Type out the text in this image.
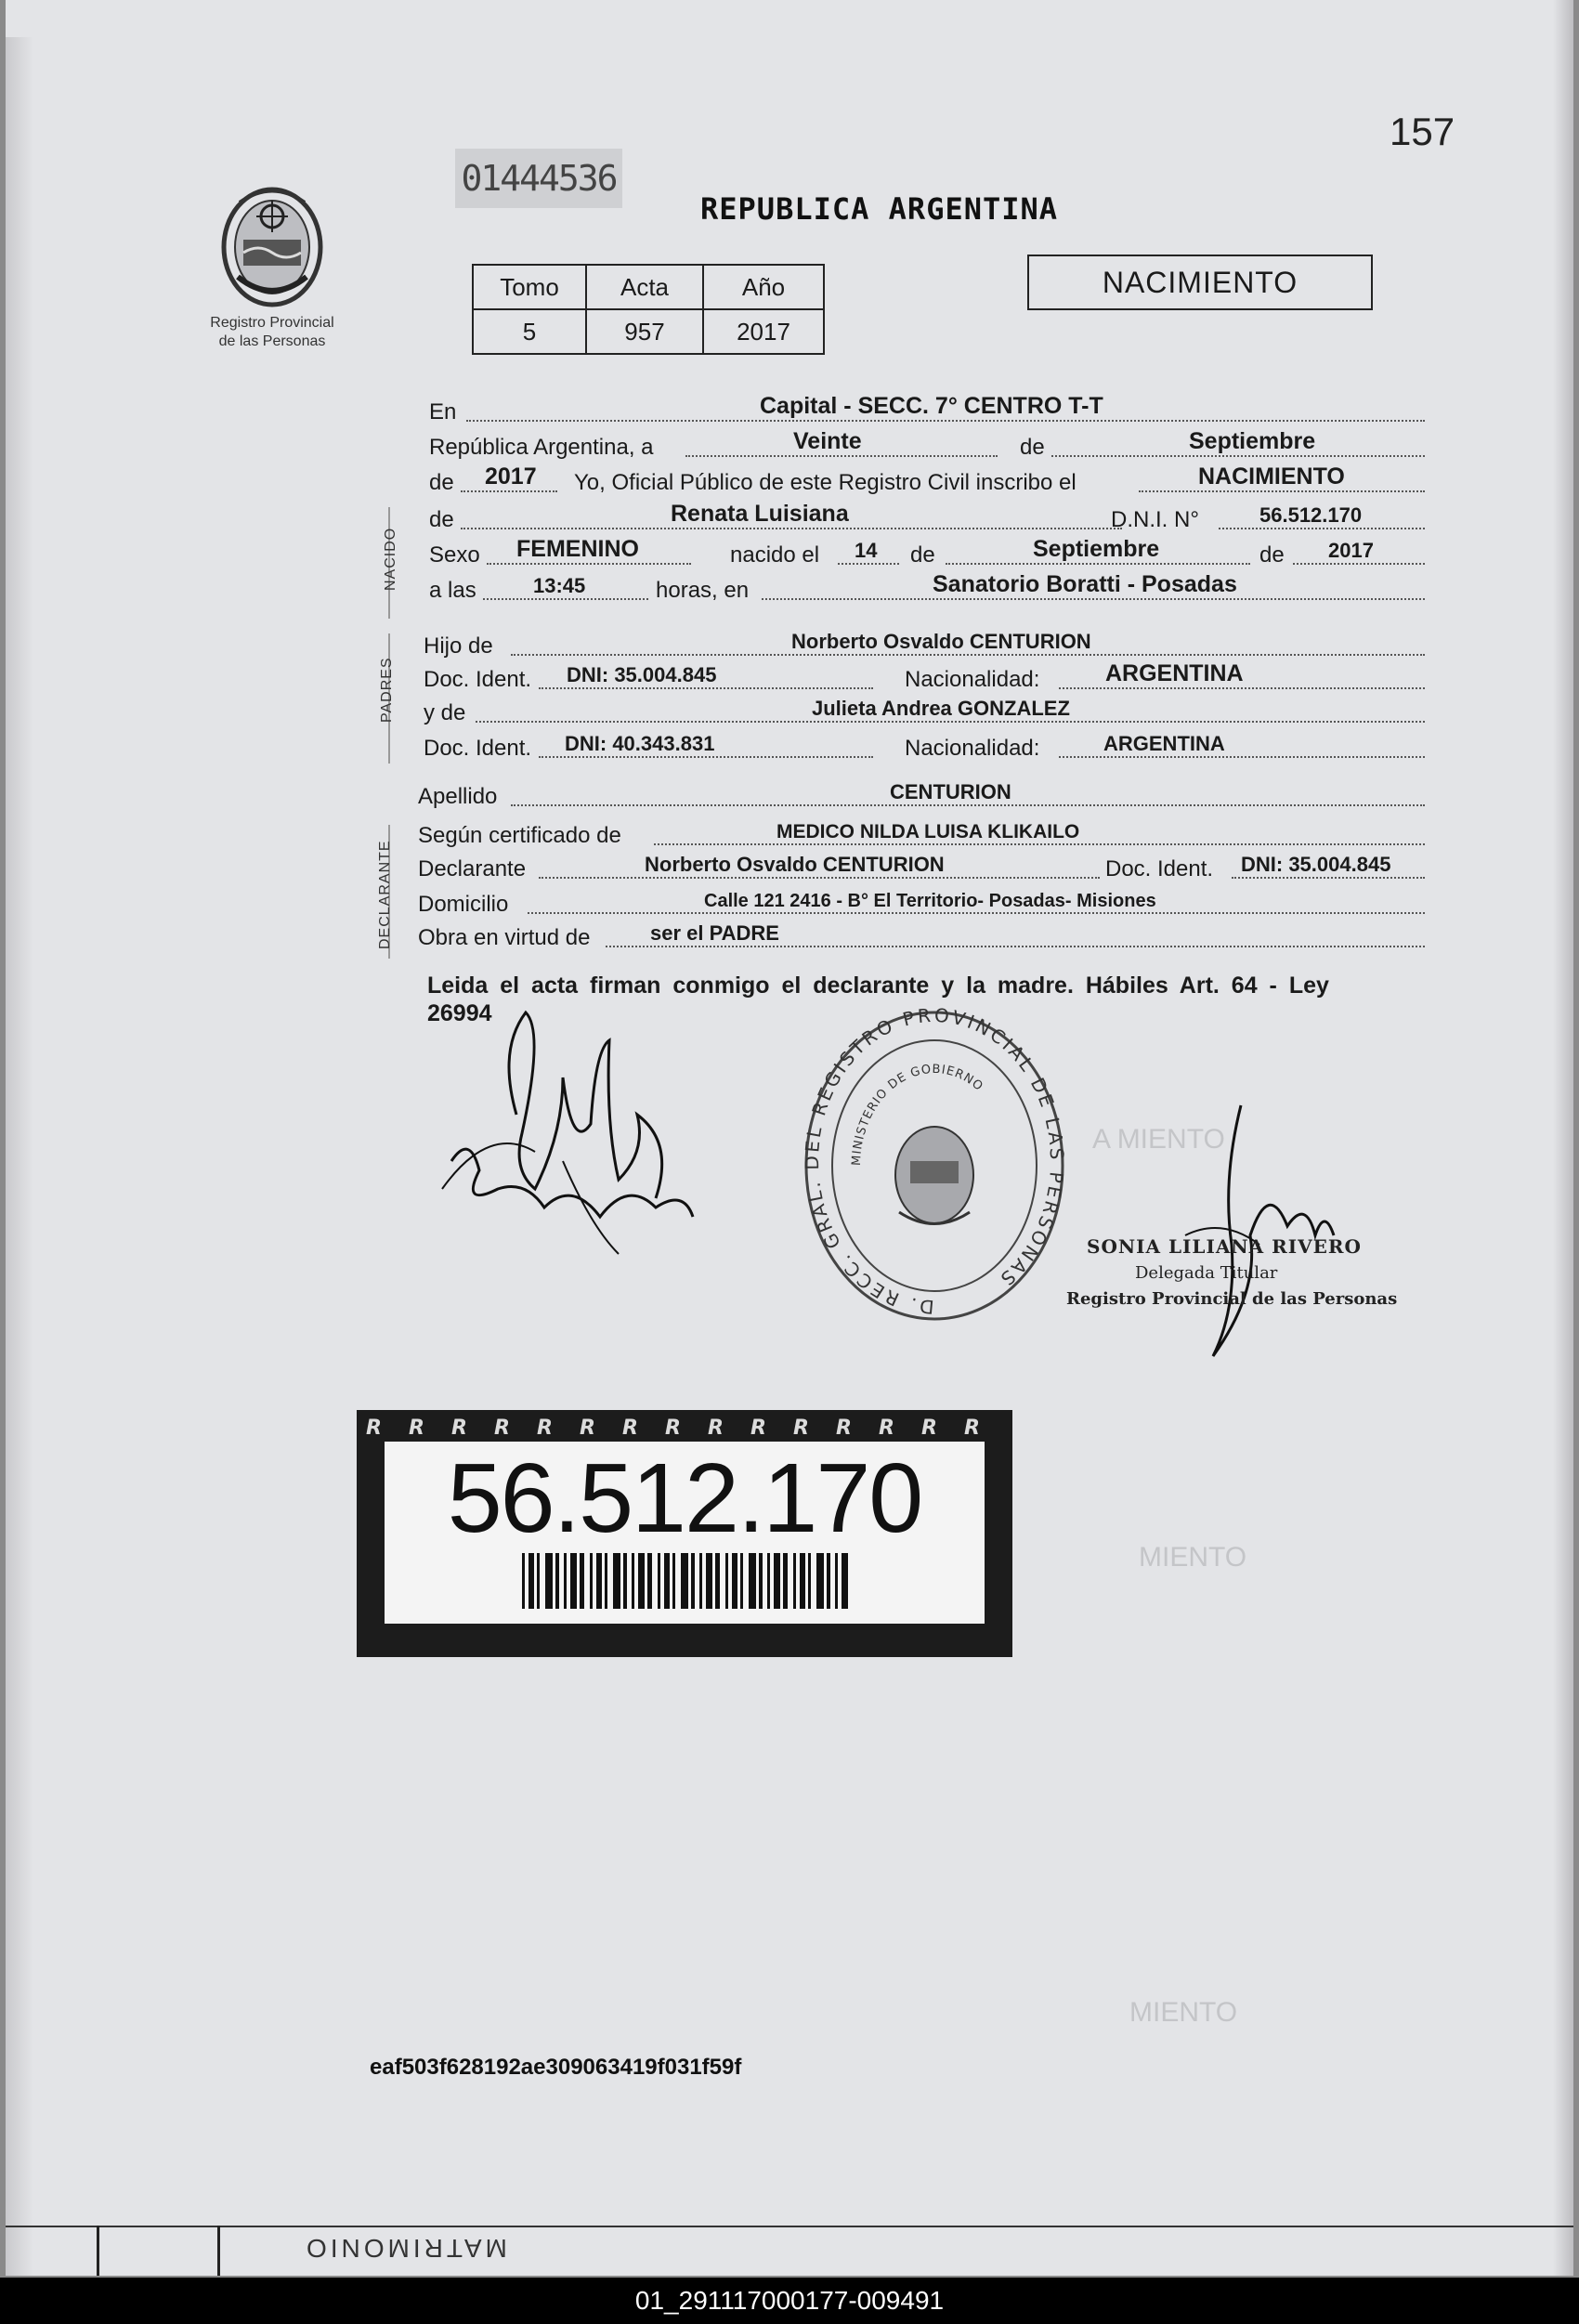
A MIENTO
MIENTO
MIENTO
157
01444536
REPUBLICA ARGENTINA
Registro Provincial
de las Personas
Tomo	Acta	Año
5	957	2017
NACIMIENTO
En	Capital - SECC. 7° CENTRO T-T
República Argentina, a	Veinte	de	Septiembre
de 2017 Yo, Oficial Público de este Registro Civil inscribo el	NACIMIENTO
NACIDO
de	Renata Luisiana	D.N.I. N°	56.512.170
Sexo FEMENINO	nacido el 14 de	Septiembre	de 2017
a las	13:45	horas, en	Sanatorio Boratti - Posadas
PADRES
Hijo de	Norberto Osvaldo CENTURION
Doc. Ident. DNI: 35.004.845	Nacionalidad:	ARGENTINA
y de	Julieta Andrea GONZALEZ
Doc. Ident. DNI: 40.343.831	Nacionalidad:	ARGENTINA
Apellido	CENTURION
DECLARANTE
Según certificado de	MEDICO NILDA LUISA KLIKAILO
Declarante	Norberto Osvaldo CENTURION	Doc. Ident. DNI: 35.004.845
Domicilio	Calle 121 2416 - B° El Territorio- Posadas- Misiones
Obra en virtud de	ser el PADRE
Leida el acta firman conmigo el declarante y la madre. Hábiles Art. 64 - Ley 26994
D. RECC. GRAL. DEL REGISTRO PROVINCIAL DE LAS PERSONAS
MINISTERIO DE GOBIERNO
SONIA LILIANA RIVERO
Delegada Titular
Registro Provincial de las Personas
R R R R R R R R R R R R R R R
56.512.170
eaf503f628192ae309063419f031f59f
MATRIMONIO
01_291117000177-009491
